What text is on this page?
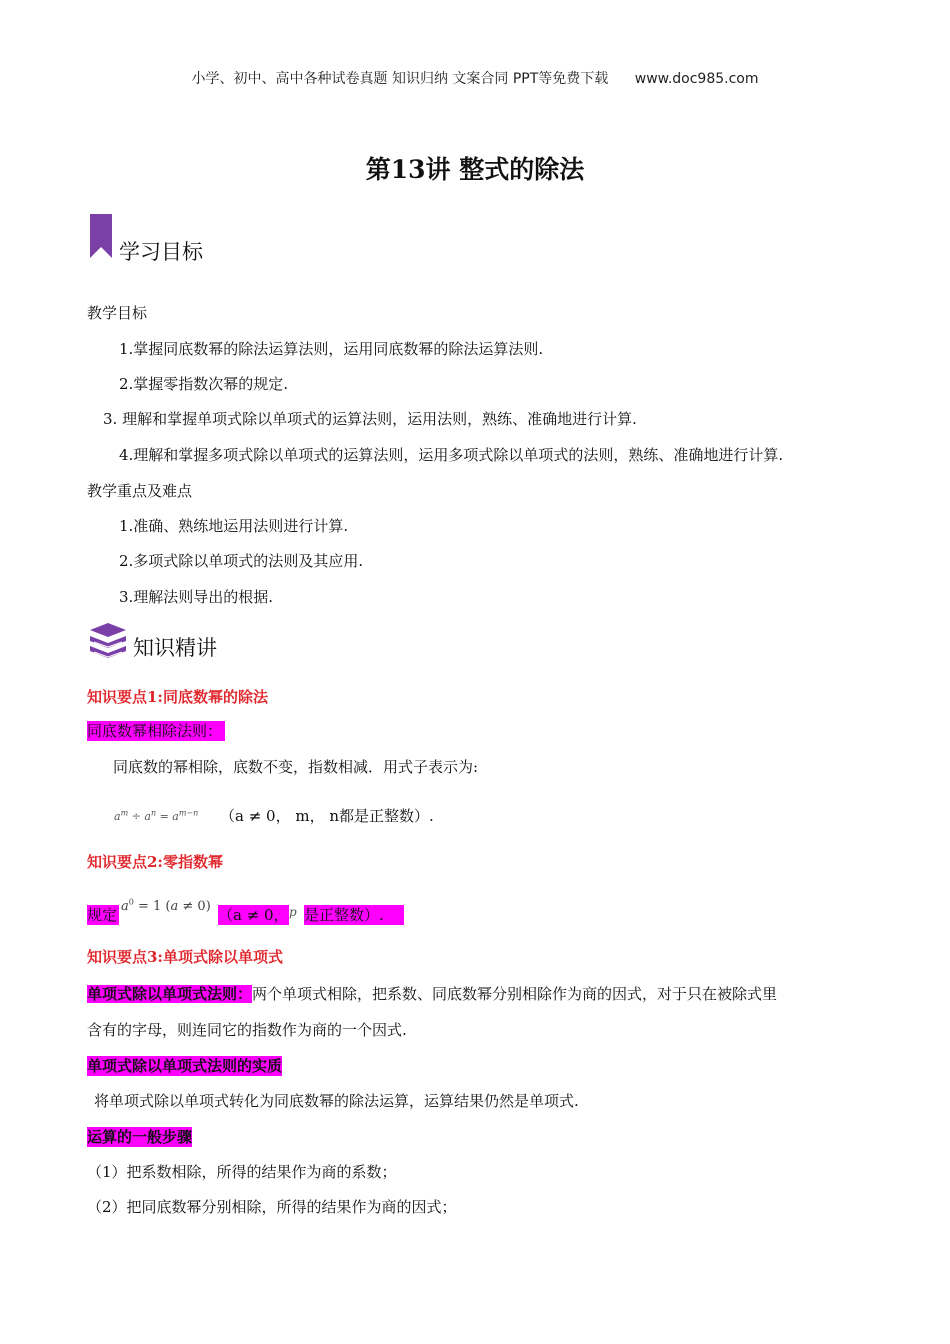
小学、初中、高中各种试卷真题 知识归纳 文案合同 PPT等免费下载 www.doc985.com
第13讲 整式的除法
学习目标
教学目标
1.掌握同底数幂的除法运算法则，运用同底数幂的除法运算法则.
2.掌握零指数次幂的规定.
3. 理解和掌握单项式除以单项式的运算法则，运用法则，熟练、准确地进行计算.
4.理解和掌握多项式除以单项式的运算法则，运用多项式除以单项式的法则，熟练、准确地进行计算.
教学重点及难点
1.准确、熟练地运用法则进行计算.
2.多项式除以单项式的法则及其应用.
3.理解法则导出的根据.
知识精讲
知识要点1:同底数幂的除法
同底数幂相除法则：
同底数的幂相除，底数不变，指数相减．用式子表示为:
$a^m \div a^n = a^{m-n}$ （a ≠ 0， m， n都是正整数）.
知识要点2:零指数幂
规定 $a^0 = 1$ (a ≠ 0) （a ≠ 0， p 是正整数）.
知识要点3:单项式除以单项式
单项式除以单项式法则：两个单项式相除，把系数、同底数幂分别相除作为商的因式，对于只在被除式里
含有的字母，则连同它的指数作为商的一个因式.
单项式除以单项式法则的实质
将单项式除以单项式转化为同底数幂的除法运算，运算结果仍然是单项式.
运算的一般步骤
（1）把系数相除，所得的结果作为商的系数；
（2）把同底数幂分别相除，所得的结果作为商的因式；
